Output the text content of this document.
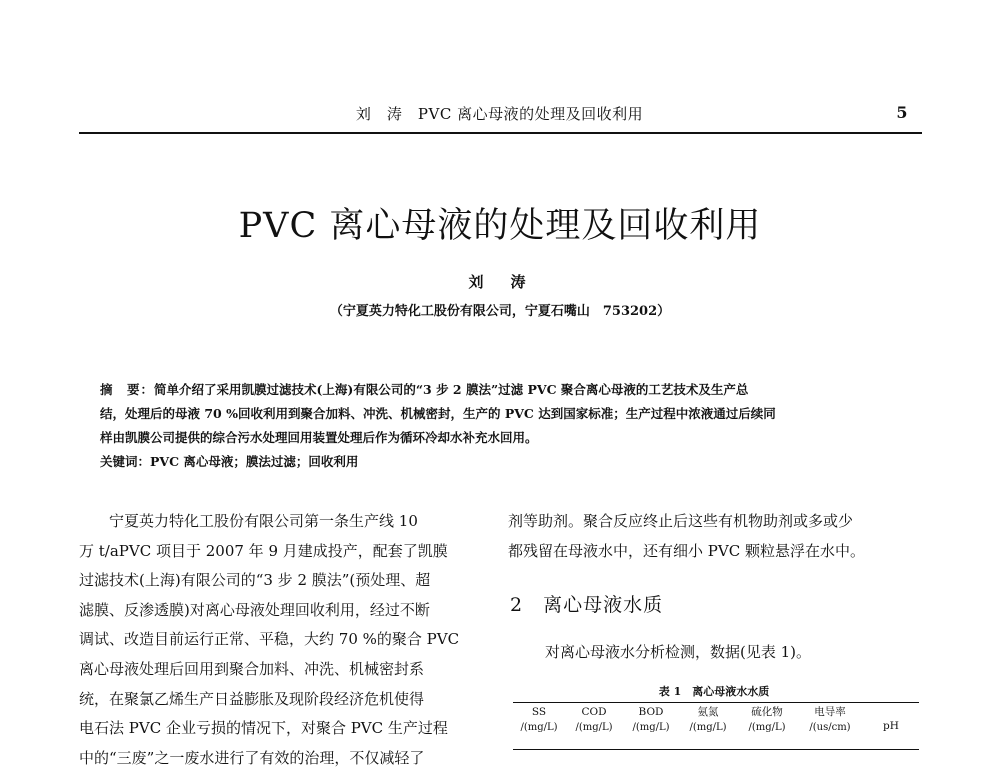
刘　涛　PVC 离心母液的处理及回收利用	5
PVC 离心母液的处理及回收利用
刘　涛
（宁夏英力特化工股份有限公司，宁夏石嘴山　753202）
摘　要：简单介绍了采用凯膜过滤技术(上海)有限公司的“3 步 2 膜法”过滤 PVC 聚合离心母液的工艺技术及生产总
结，处理后的母液 70 %回收利用到聚合加料、冲洗、机械密封，生产的 PVC 达到国家标准；生产过程中浓液通过后续同
样由凯膜公司提供的综合污水处理回用装置处理后作为循环冷却水补充水回用。
关键词：PVC 离心母液；膜法过滤；回收利用
　　宁夏英力特化工股份有限公司第一条生产线 10
万 t/aPVC 项目于 2007 年 9 月建成投产，配套了凯膜
过滤技术(上海)有限公司的“3 步 2 膜法”(预处理、超
滤膜、反渗透膜)对离心母液处理回收利用，经过不断
调试、改造目前运行正常、平稳，大约 70 %的聚合 PVC
离心母液处理后回用到聚合加料、冲洗、机械密封系
统，在聚氯乙烯生产日益膨胀及现阶段经济危机使得
电石法 PVC 企业亏损的情况下，对聚合 PVC 生产过程
中的“三废”之一废水进行了有效的治理，不仅减轻了
剂等助剂。聚合反应终止后这些有机物助剂或多或少
都残留在母液水中，还有细小 PVC 颗粒悬浮在水中。
2 离心母液水质
对离心母液水分析检测，数据(见表 1)。
表 1　离心母液水水质
SS
/(mg/L)
COD
/(mg/L)
BOD
/(mg/L)
氨氮
/(mg/L)
硫化物
/(mg/L)
电导率
/(us/cm)	pH
